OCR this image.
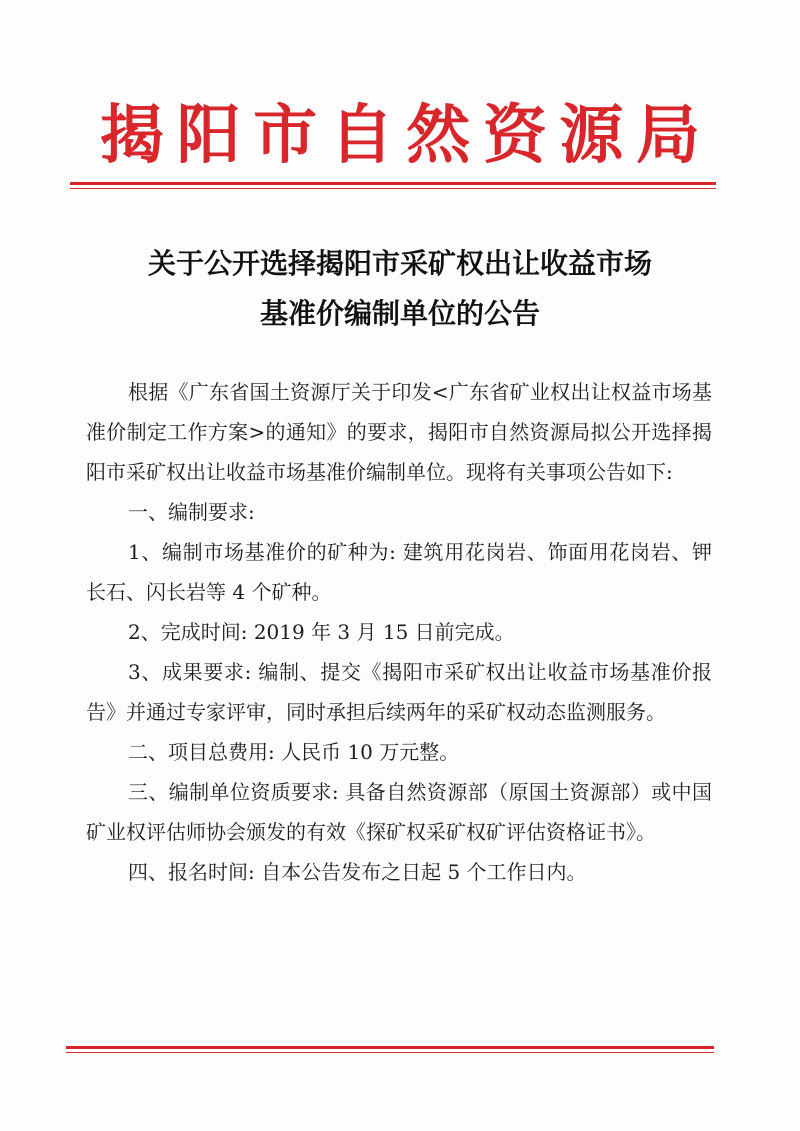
揭 阳 市 自 然 资 源 局
关于公开选择揭阳市采矿权出让收益市场
基准价编制单位的公告

根据《广东省国土资源厅关于印发<广东省矿业权出让权益市场基准价制定工作方案>的通知》的要求，揭阳市自然资源局拟公开选择揭阳市采矿权出让收益市场基准价编制单位。现将有关事项公告如下:

一、编制要求:

1、编制市场基准价的矿种为: 建筑用花岗岩、饰面用花岗岩、钾长石、闪长岩等 4 个矿种。

2、完成时间: 2019 年 3 月 15 日前完成。

3、成果要求: 编制、提交《揭阳市采矿权出让收益市场基准价报告》并通过专家评审，同时承担后续两年的采矿权动态监测服务。

二、项目总费用: 人民币 10 万元整。

三、编制单位资质要求: 具备自然资源部（原国土资源部）或中国矿业权评估师协会颁发的有效《探矿权采矿权矿评估资格证书》。

四、报名时间: 自本公告发布之日起 5 个工作日内。
